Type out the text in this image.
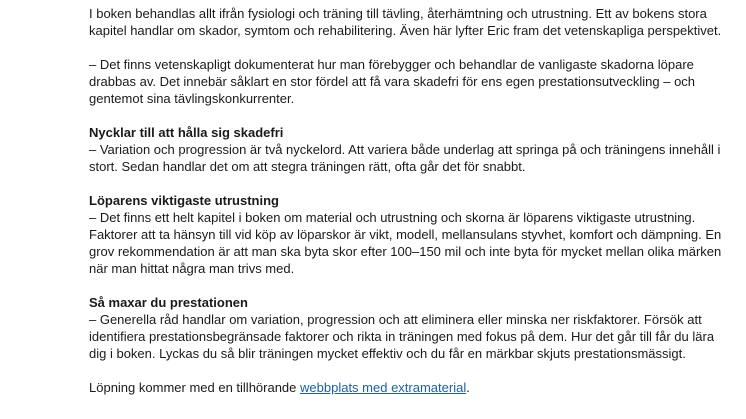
I boken behandlas allt ifrån fysiologi och träning till tävling, återhämtning och utrustning. Ett av bokens stora kapitel handlar om skador, symtom och rehabilitering. Även här lyfter Eric fram det vetenskapliga perspektivet.

– Det finns vetenskapligt dokumenterat hur man förebygger och behandlar de vanligaste skadorna löpare drabbas av. Det innebär såklart en stor fördel att få vara skadefri för ens egen prestationsutveckling – och gentemot sina tävlingskonkurrenter.

Nycklar till att hålla sig skadefri
– Variation och progression är två nyckelord. Att variera både underlag att springa på och träningens innehåll i stort. Sedan handlar det om att stegra träningen rätt, ofta går det för snabbt.

Löparens viktigaste utrustning
– Det finns ett helt kapitel i boken om material och utrustning och skorna är löparens viktigaste utrustning. Faktorer att ta hänsyn till vid köp av löparskor är vikt, modell, mellansulans styvhet, komfort och dämpning. En grov rekommendation är att man ska byta skor efter 100–150 mil och inte byta för mycket mellan olika märken när man hittat några man trivs med.

Så maxar du prestationen
– Generella råd handlar om variation, progression och att eliminera eller minska ner riskfaktorer. Försök att identifiera prestationsbegränsade faktorer och rikta in träningen med fokus på dem. Hur det går till får du lära dig i boken. Lyckas du så blir träningen mycket effektiv och du får en märkbar skjuts prestationsmässigt.

Löpning kommer med en tillhörande webbplats med extramaterial.
